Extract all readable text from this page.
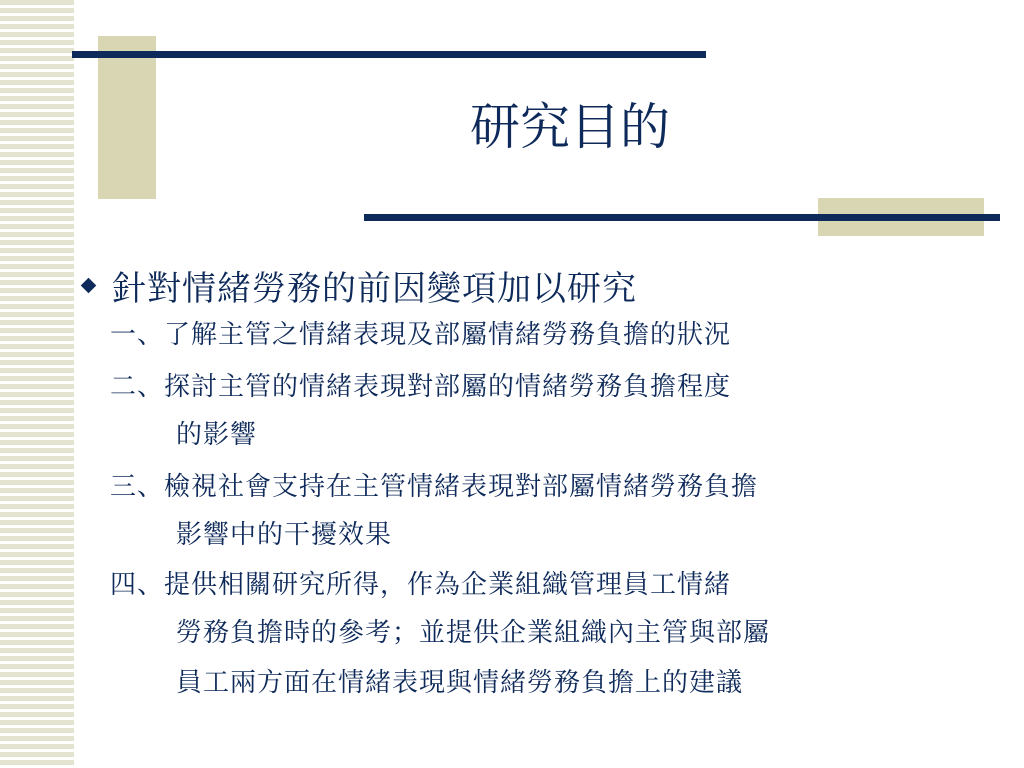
研究目的
針對情緒勞務的前因變項加以研究
一、了解主管之情緒表現及部屬情緒勞務負擔的狀況
二、探討主管的情緒表現對部屬的情緒勞務負擔程度
的影響
三、檢視社會支持在主管情緒表現對部屬情緒勞務負擔
影響中的干擾效果
四、提供相關研究所得，作為企業組織管理員工情緒
勞務負擔時的參考；並提供企業組織內主管與部屬
員工兩方面在情緒表現與情緒勞務負擔上的建議
